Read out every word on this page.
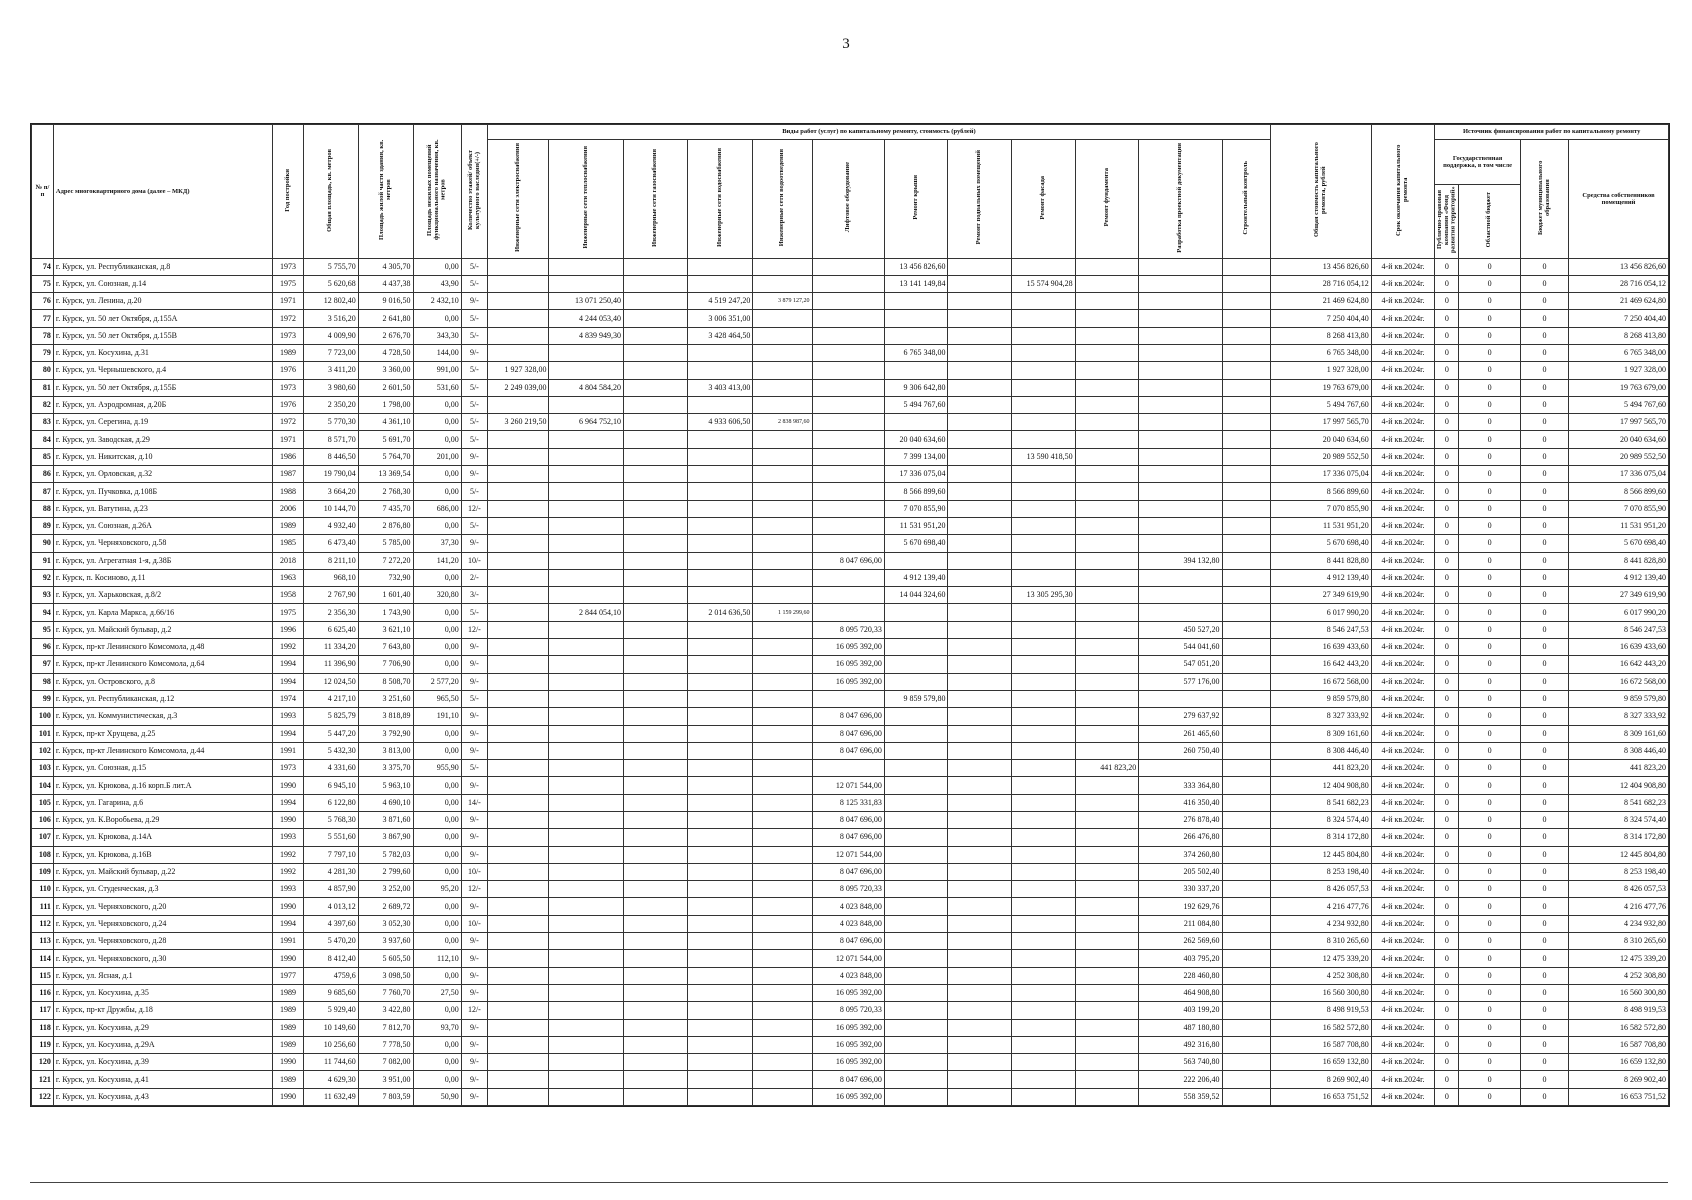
3
№ п/п	Адрес многоквартирного дома (далее – МКД)	Год постройки	Общая площадь, кв. метров	Площадь жилой части здания, кв. метров	Площадь нежилых помещений функционального назначения, кв. метров	Количество этажей/ объект культурного наследия(+/-)	Виды работ (услуг) по капитальному ремонту, стоимость (рублей)												Общая стоимость капитального ремонта, рублей	Срок окончания капитального ремонта	Источник финансирования работ по капитальному ремонту			
							Инженерные сети электроснабжения	Инженерные сети теплоснабжения	Инженерные сети газоснабжения	Инженерные сети водоснабжения	Инженерные сети водоотведения	Лифтовое оборудование	Ремонт крыши	Ремонт подвальных помещений	Ремонт фасада	Ремонт фундамента	Разработка проектной документации	Строительный контроль			Государственная поддержка, в том числе		Бюджет муниципального образования	Средства собственников помещений
																					Публично-правовая компания «Фонд развития территорий»	Областной бюджет		
74	г. Курск, ул. Республиканская, д.8	1973	5 755,70	4 305,70	0,00	5/-							13 456 826,60						13 456 826,60	4-й кв.2024г.	0	0	0	13 456 826,60
75	г. Курск, ул. Союзная, д.14	1975	5 620,68	4 437,38	43,90	5/-							13 141 149,84		15 574 904,28				28 716 054,12	4-й кв.2024г.	0	0	0	28 716 054,12
76	г. Курск, ул. Ленина, д.20	1971	12 802,40	9 016,50	2 432,10	9/-		13 071 250,40		4 519 247,20	3 879 127,20								21 469 624,80	4-й кв.2024г.	0	0	0	21 469 624,80
77	г. Курск, ул. 50 лет Октября, д.155А	1972	3 516,20	2 641,80	0,00	5/-		4 244 053,40		3 006 351,00									7 250 404,40	4-й кв.2024г.	0	0	0	7 250 404,40
78	г. Курск, ул. 50 лет Октября, д.155В	1973	4 009,90	2 676,70	343,30	5/-		4 839 949,30		3 428 464,50									8 268 413,80	4-й кв.2024г.	0	0	0	8 268 413,80
79	г. Курск, ул. Косухина, д.31	1989	7 723,00	4 728,50	144,00	9/-							6 765 348,00						6 765 348,00	4-й кв.2024г.	0	0	0	6 765 348,00
80	г. Курск, ул. Чернышевского, д.4	1976	3 411,20	3 360,00	991,00	5/-	1 927 328,00												1 927 328,00	4-й кв.2024г.	0	0	0	1 927 328,00
81	г. Курск, ул. 50 лет Октября, д.155Б	1973	3 980,60	2 601,50	531,60	5/-	2 249 039,00	4 804 584,20		3 403 413,00			9 306 642,80						19 763 679,00	4-й кв.2024г.	0	0	0	19 763 679,00
82	г. Курск, ул. Аэродромная, д.20Б	1976	2 350,20	1 798,00	0,00	5/-							5 494 767,60						5 494 767,60	4-й кв.2024г.	0	0	0	5 494 767,60
83	г. Курск, ул. Серегина, д.19	1972	5 770,30	4 361,10	0,00	5/-	3 260 219,50	6 964 752,10		4 933 606,50	2 838 987,60								17 997 565,70	4-й кв.2024г.	0	0	0	17 997 565,70
84	г. Курск, ул. Заводская, д.29	1971	8 571,70	5 691,70	0,00	5/-							20 040 634,60						20 040 634,60	4-й кв.2024г.	0	0	0	20 040 634,60
85	г. Курск, ул. Никитская, д.10	1986	8 446,50	5 764,70	201,00	9/-							7 399 134,00		13 590 418,50				20 989 552,50	4-й кв.2024г.	0	0	0	20 989 552,50
86	г. Курск, ул. Орловская, д.32	1987	19 790,04	13 369,54	0,00	9/-							17 336 075,04						17 336 075,04	4-й кв.2024г.	0	0	0	17 336 075,04
87	г. Курск, ул. Пучковка, д.108Б	1988	3 664,20	2 768,30	0,00	5/-							8 566 899,60						8 566 899,60	4-й кв.2024г.	0	0	0	8 566 899,60
88	г. Курск, ул. Ватутина, д.23	2006	10 144,70	7 435,70	686,00	12/-							7 070 855,90						7 070 855,90	4-й кв.2024г.	0	0	0	7 070 855,90
89	г. Курск, ул. Союзная, д.26А	1989	4 932,40	2 876,80	0,00	5/-							11 531 951,20						11 531 951,20	4-й кв.2024г.	0	0	0	11 531 951,20
90	г. Курск, ул. Черняховского, д.58	1985	6 473,40	5 785,00	37,30	9/-							5 670 698,40						5 670 698,40	4-й кв.2024г.	0	0	0	5 670 698,40
91	г. Курск, ул. Агрегатная 1-я, д.38Б	2018	8 211,10	7 272,20	141,20	10/-						8 047 696,00					394 132,80		8 441 828,80	4-й кв.2024г.	0	0	0	8 441 828,80
92	г. Курск, п. Косиново, д.11	1963	968,10	732,90	0,00	2/-							4 912 139,40						4 912 139,40	4-й кв.2024г.	0	0	0	4 912 139,40
93	г. Курск, ул. Харьковская, д.8/2	1958	2 767,90	1 601,40	320,80	3/-							14 044 324,60		13 305 295,30				27 349 619,90	4-й кв.2024г.	0	0	0	27 349 619,90
94	г. Курск, ул. Карла Маркса, д.66/16	1975	2 356,30	1 743,90	0,00	5/-		2 844 054,10		2 014 636,50	1 159 299,60								6 017 990,20	4-й кв.2024г.	0	0	0	6 017 990,20
95	г. Курск, ул. Майский бульвар, д.2	1996	6 625,40	3 621,10	0,00	12/-						8 095 720,33					450 527,20		8 546 247,53	4-й кв.2024г.	0	0	0	8 546 247,53
96	г. Курск, пр-кт Ленинского Комсомола, д.48	1992	11 334,20	7 643,80	0,00	9/-						16 095 392,00					544 041,60		16 639 433,60	4-й кв.2024г.	0	0	0	16 639 433,60
97	г. Курск, пр-кт Ленинского Комсомола, д.64	1994	11 396,90	7 706,90	0,00	9/-						16 095 392,00					547 051,20		16 642 443,20	4-й кв.2024г.	0	0	0	16 642 443,20
98	г. Курск, ул. Островского, д.8	1994	12 024,50	8 508,70	2 577,20	9/-						16 095 392,00					577 176,00		16 672 568,00	4-й кв.2024г.	0	0	0	16 672 568,00
99	г. Курск, ул. Республиканская, д.12	1974	4 217,10	3 251,60	965,50	5/-							9 859 579,80						9 859 579,80	4-й кв.2024г.	0	0	0	9 859 579,80
100	г. Курск, ул. Коммунистическая, д.3	1993	5 825,79	3 818,89	191,10	9/-						8 047 696,00					279 637,92		8 327 333,92	4-й кв.2024г.	0	0	0	8 327 333,92
101	г. Курск, пр-кт Хрущева, д.25	1994	5 447,20	3 792,90	0,00	9/-						8 047 696,00					261 465,60		8 309 161,60	4-й кв.2024г.	0	0	0	8 309 161,60
102	г. Курск, пр-кт Ленинского Комсомола, д.44	1991	5 432,30	3 813,00	0,00	9/-						8 047 696,00					260 750,40		8 308 446,40	4-й кв.2024г.	0	0	0	8 308 446,40
103	г. Курск, ул. Союзная, д.15	1973	4 331,60	3 375,70	955,90	5/-										441 823,20			441 823,20	4-й кв.2024г.	0	0	0	441 823,20
104	г. Курск, ул. Крюкова, д.16 корп.Б лит.А	1990	6 945,10	5 963,10	0,00	9/-						12 071 544,00					333 364,80		12 404 908,80	4-й кв.2024г.	0	0	0	12 404 908,80
105	г. Курск, ул. Гагарина, д.6	1994	6 122,80	4 690,10	0,00	14/-						8 125 331,83					416 350,40		8 541 682,23	4-й кв.2024г.	0	0	0	8 541 682,23
106	г. Курск, ул. К.Воробьева, д.29	1990	5 768,30	3 871,60	0,00	9/-						8 047 696,00					276 878,40		8 324 574,40	4-й кв.2024г.	0	0	0	8 324 574,40
107	г. Курск, ул. Крюкова, д.14А	1993	5 551,60	3 867,90	0,00	9/-						8 047 696,00					266 476,80		8 314 172,80	4-й кв.2024г.	0	0	0	8 314 172,80
108	г. Курск, ул. Крюкова, д.16В	1992	7 797,10	5 782,03	0,00	9/-						12 071 544,00					374 260,80		12 445 804,80	4-й кв.2024г.	0	0	0	12 445 804,80
109	г. Курск, ул. Майский бульвар, д.22	1992	4 281,30	2 799,60	0,00	10/-						8 047 696,00					205 502,40		8 253 198,40	4-й кв.2024г.	0	0	0	8 253 198,40
110	г. Курск, ул. Студенческая, д.3	1993	4 857,90	3 252,00	95,20	12/-						8 095 720,33					330 337,20		8 426 057,53	4-й кв.2024г.	0	0	0	8 426 057,53
111	г. Курск, ул. Черняховского, д.20	1990	4 013,12	2 689,72	0,00	9/-						4 023 848,00					192 629,76		4 216 477,76	4-й кв.2024г.	0	0	0	4 216 477,76
112	г. Курск, ул. Черняховского, д.24	1994	4 397,60	3 052,30	0,00	10/-						4 023 848,00					211 084,80		4 234 932,80	4-й кв.2024г.	0	0	0	4 234 932,80
113	г. Курск, ул. Черняховского, д.28	1991	5 470,20	3 937,60	0,00	9/-						8 047 696,00					262 569,60		8 310 265,60	4-й кв.2024г.	0	0	0	8 310 265,60
114	г. Курск, ул. Черняховского, д.30	1990	8 412,40	5 605,50	112,10	9/-						12 071 544,00					403 795,20		12 475 339,20	4-й кв.2024г.	0	0	0	12 475 339,20
115	г. Курск, ул. Ясная, д.1	1977	4759,6	3 098,50	0,00	9/-						4 023 848,00					228 460,80		4 252 308,80	4-й кв.2024г.	0	0	0	4 252 308,80
116	г. Курск, ул. Косухина, д.35	1989	9 685,60	7 760,70	27,50	9/-						16 095 392,00					464 908,80		16 560 300,80	4-й кв.2024г.	0	0	0	16 560 300,80
117	г. Курск, пр-кт Дружбы, д.18	1989	5 929,40	3 422,80	0,00	12/-						8 095 720,33					403 199,20		8 498 919,53	4-й кв.2024г.	0	0	0	8 498 919,53
118	г. Курск, ул. Косухина, д.29	1989	10 149,60	7 812,70	93,70	9/-						16 095 392,00					487 180,80		16 582 572,80	4-й кв.2024г.	0	0	0	16 582 572,80
119	г. Курск, ул. Косухина, д.29А	1989	10 256,60	7 778,50	0,00	9/-						16 095 392,00					492 316,80		16 587 708,80	4-й кв.2024г.	0	0	0	16 587 708,80
120	г. Курск, ул. Косухина, д.39	1990	11 744,60	7 082,00	0,00	9/-						16 095 392,00					563 740,80		16 659 132,80	4-й кв.2024г.	0	0	0	16 659 132,80
121	г. Курск, ул. Косухина, д.41	1989	4 629,30	3 951,00	0,00	9/-						8 047 696,00					222 206,40		8 269 902,40	4-й кв.2024г.	0	0	0	8 269 902,40
122	г. Курск, ул. Косухина, д.43	1990	11 632,49	7 803,59	50,90	9/-						16 095 392,00					558 359,52		16 653 751,52	4-й кв.2024г.	0	0	0	16 653 751,52
